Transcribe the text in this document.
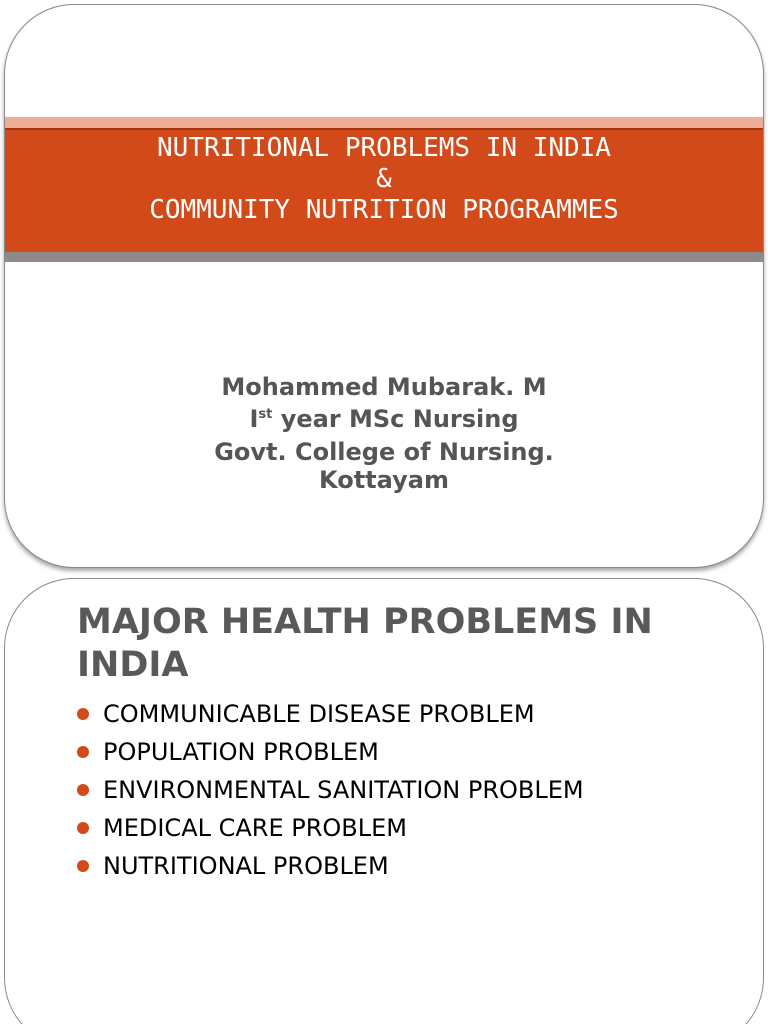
NUTRITIONAL PROBLEMS IN INDIA
&
COMMUNITY NUTRITION PROGRAMMES
Mohammed Mubarak. M
Ist year MSc Nursing
Govt. College of Nursing.
Kottayam
MAJOR HEALTH PROBLEMS IN INDIA
COMMUNICABLE DISEASE PROBLEM
POPULATION PROBLEM
ENVIRONMENTAL SANITATION PROBLEM
MEDICAL CARE PROBLEM
NUTRITIONAL PROBLEM
